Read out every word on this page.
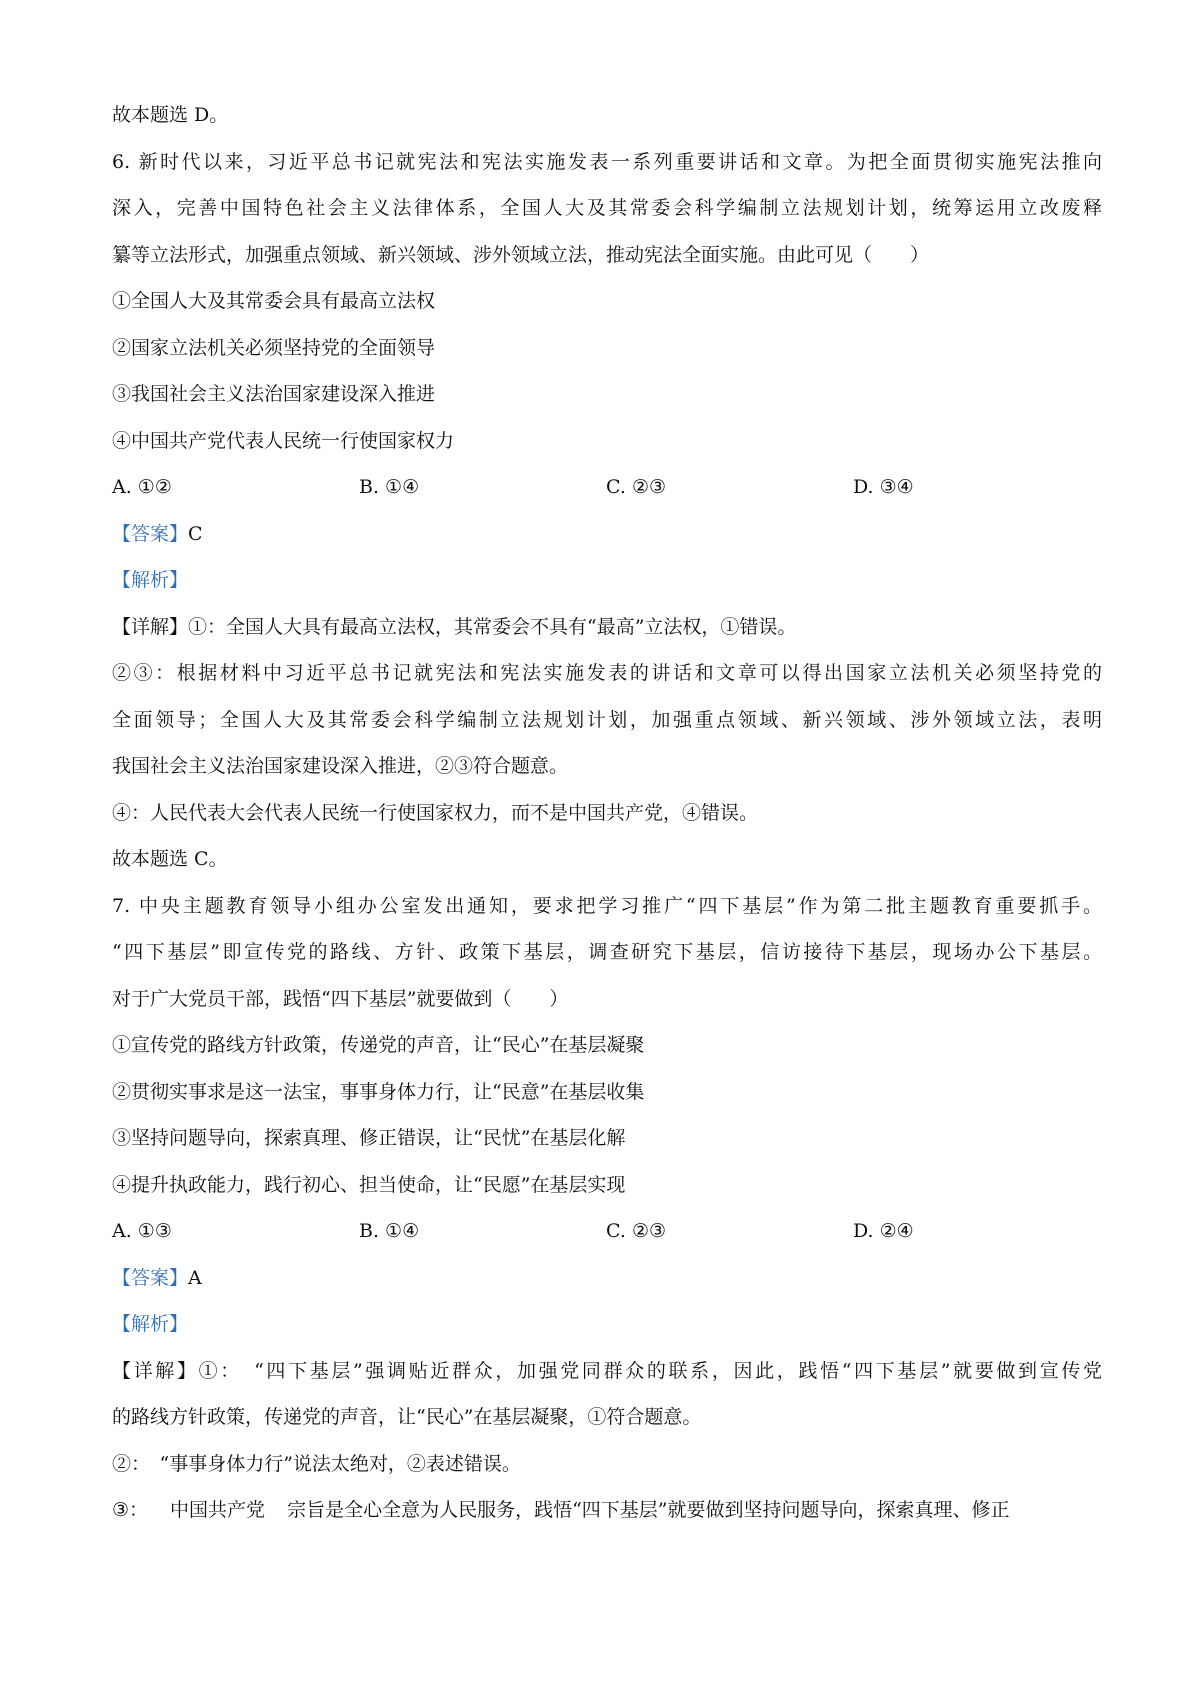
故本题选 D。
6. 新时代以来，习近平总书记就宪法和宪法实施发表一系列重要讲话和文章。为把全面贯彻实施宪法推向
深入，完善中国特色社会主义法律体系，全国人大及其常委会科学编制立法规划计划，统筹运用立改废释
纂等立法形式，加强重点领域、新兴领域、涉外领域立法，推动宪法全面实施。由此可见（　　）
①全国人大及其常委会具有最高立法权
②国家立法机关必须坚持党的全面领导
③我国社会主义法治国家建设深入推进
④中国共产党代表人民统一行使国家权力
A. ①②	B. ①④	C. ②③	D. ③④
【答案】C
【解析】
【详解】①：全国人大具有最高立法权，其常委会不具有“最高”立法权，①错误。
②③：根据材料中习近平总书记就宪法和宪法实施发表的讲话和文章可以得出国家立法机关必须坚持党的
全面领导；全国人大及其常委会科学编制立法规划计划，加强重点领域、新兴领域、涉外领域立法，表明
我国社会主义法治国家建设深入推进，②③符合题意。
④：人民代表大会代表人民统一行使国家权力，而不是中国共产党，④错误。
故本题选 C。
7. 中央主题教育领导小组办公室发出通知，要求把学习推广“四下基层”作为第二批主题教育重要抓手。
“四下基层”即宣传党的路线、方针、政策下基层，调查研究下基层，信访接待下基层，现场办公下基层。
对于广大党员干部，践悟“四下基层”就要做到（　　）
①宣传党的路线方针政策，传递党的声音，让“民心”在基层凝聚
②贯彻实事求是这一法宝，事事身体力行，让“民意”在基层收集
③坚持问题导向，探索真理、修正错误，让“民忧”在基层化解
④提升执政能力，践行初心、担当使命，让“民愿”在基层实现
A. ①③	B. ①④	C. ②③	D. ②④
【答案】A
【解析】
【详解】①：　“四下基层”强调贴近群众，加强党同群众的联系，因此，践悟“四下基层”就要做到宣传党
的路线方针政策，传递党的声音，让“民心”在基层凝聚，①符合题意。
②：　“事事身体力行”说法太绝对，②表述错误。
③： 中国共产党 宗旨是全心全意为人民服务，践悟“四下基层”就要做到坚持问题导向，探索真理、修正
